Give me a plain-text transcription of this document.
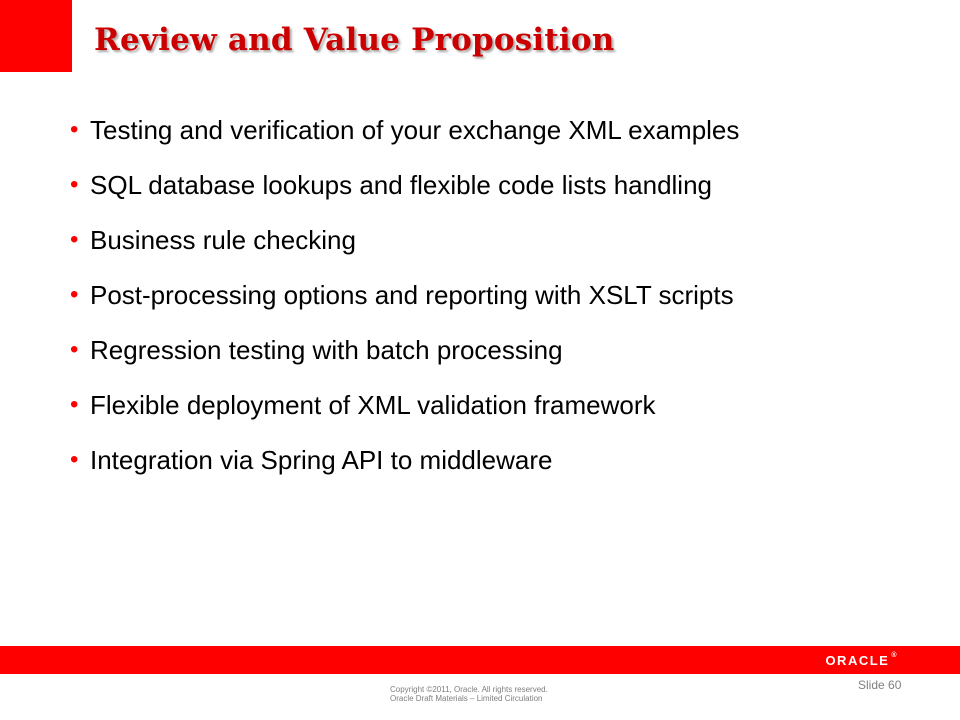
Review and Value Proposition
• Testing and verification of your exchange XML examples
• SQL database lookups and flexible code lists handling
• Business rule checking
• Post-processing options and reporting with XSLT scripts
• Regression testing with batch processing
• Flexible deployment of XML validation framework
• Integration via Spring API to middleware
ORACLE ®

Copyright ©2011, Oracle. All rights reserved.
Oracle Draft Materials – Limited Circulation

Slide 60
